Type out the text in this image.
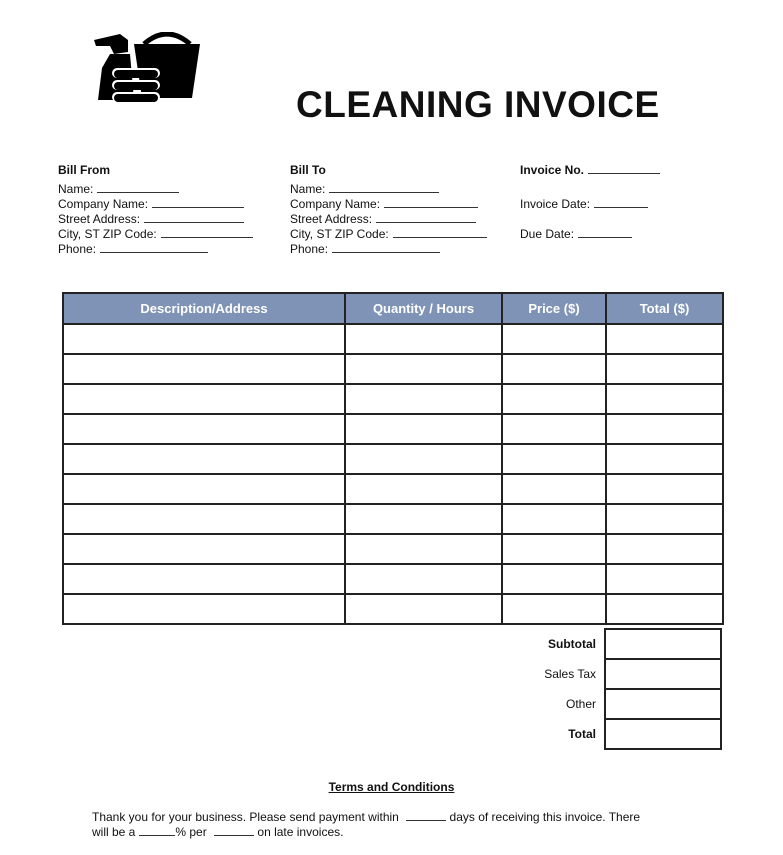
CLEANING INVOICE
Bill From
Name:
Company Name:
Street Address:
City, ST ZIP Code:
Phone:
Bill To
Name:
Company Name:
Street Address:
City, ST ZIP Code:
Phone:
Invoice No.
Invoice Date:
Due Date:
Description/Address	Quantity / Hours	Price ($)	Total ($)

Subtotal	
Sales Tax	
Other	
Total	
Terms and Conditions
Thank you for your business. Please send payment within	days of receiving this invoice. There
will be a	% per	on late invoices.
